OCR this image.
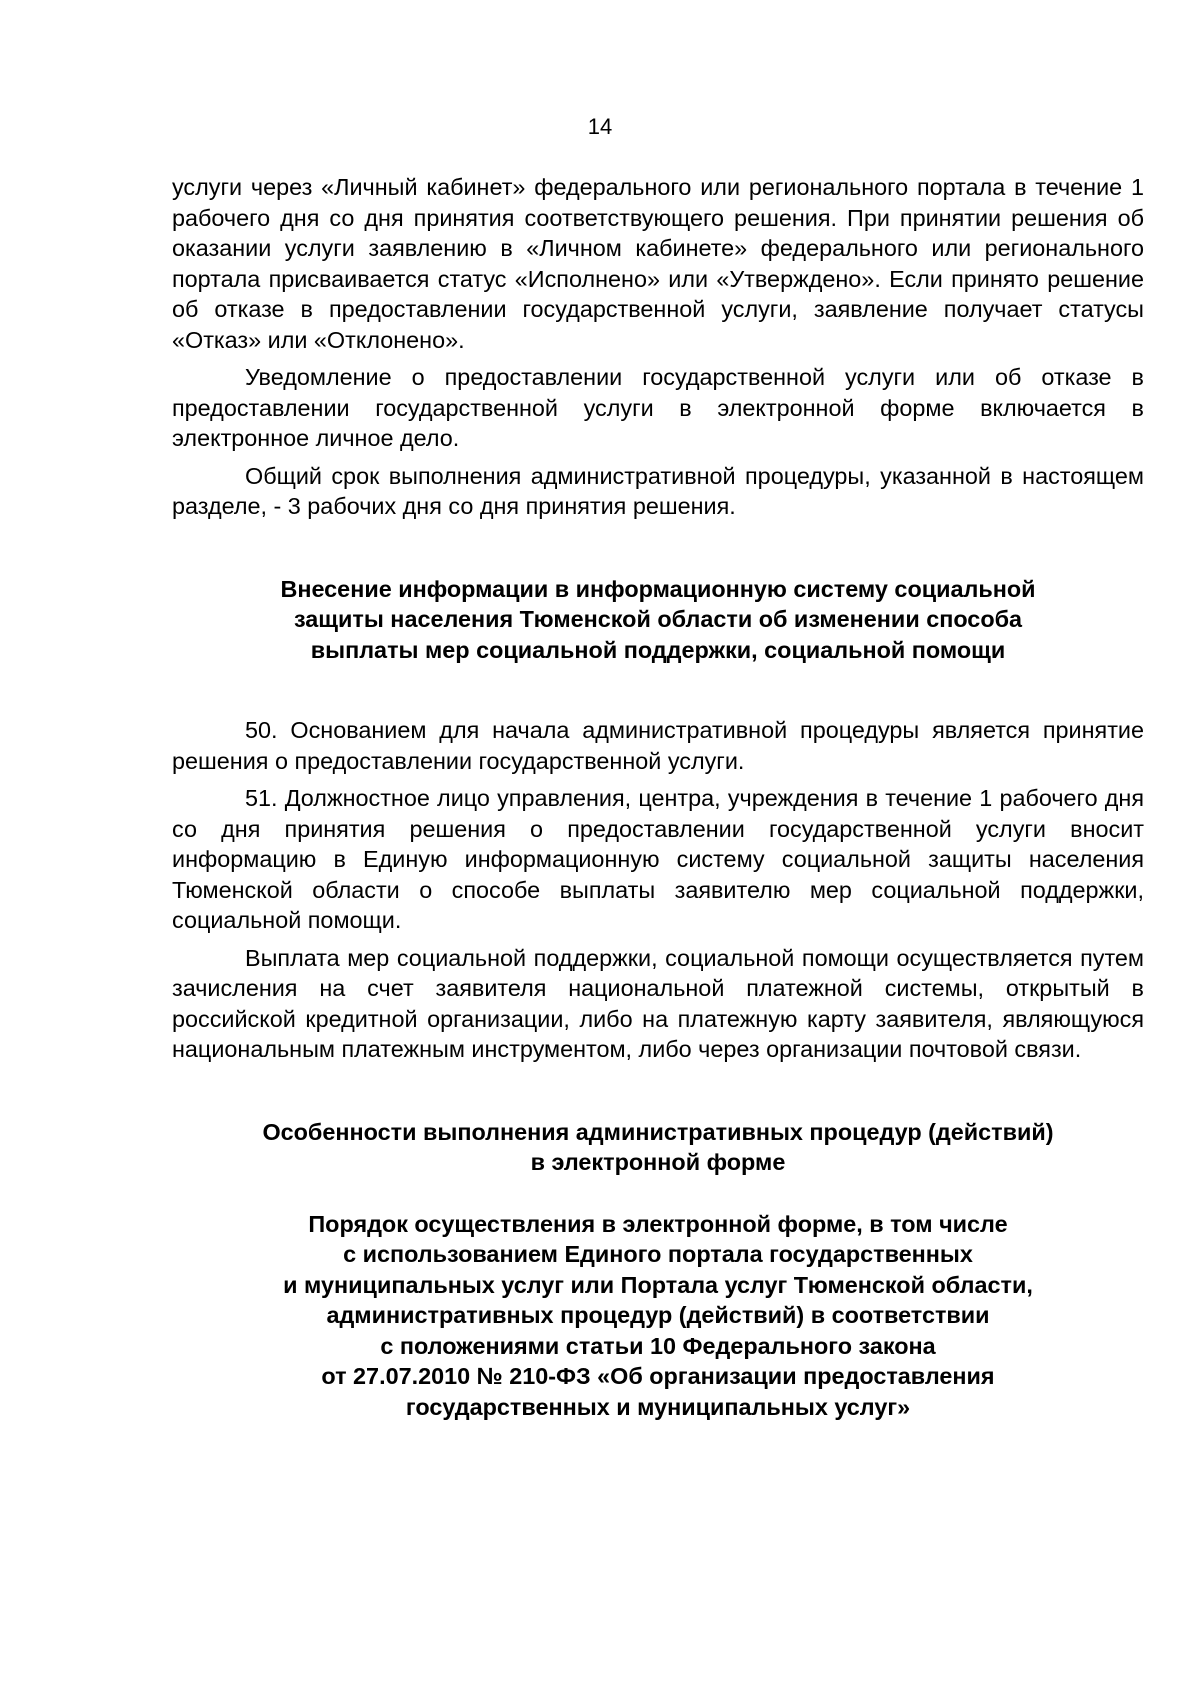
14

услуги через «Личный кабинет» федерального или регионального портала в течение 1 рабочего дня со дня принятия соответствующего решения. При принятии решения об оказании услуги заявлению в «Личном кабинете» федерального или регионального портала присваивается статус «Исполнено» или «Утверждено». Если принято решение об отказе в предоставлении государственной услуги, заявление получает статусы «Отказ» или «Отклонено».

Уведомление о предоставлении государственной услуги или об отказе в предоставлении государственной услуги в электронной форме включается в электронное личное дело.

Общий срок выполнения административной процедуры, указанной в настоящем разделе, - 3 рабочих дня со дня принятия решения.

Внесение информации в информационную систему социальной
защиты населения Тюменской области об изменении способа
выплаты мер социальной поддержки, социальной помощи

50. Основанием для начала административной процедуры является принятие решения о предоставлении государственной услуги.

51. Должностное лицо управления, центра, учреждения в течение 1 рабочего дня со дня принятия решения о предоставлении государственной услуги вносит информацию в Единую информационную систему социальной защиты населения Тюменской области о способе выплаты заявителю мер социальной поддержки, социальной помощи.

Выплата мер социальной поддержки, социальной помощи осуществляется путем зачисления на счет заявителя национальной платежной системы, открытый в российской кредитной организации, либо на платежную карту заявителя, являющуюся национальным платежным инструментом, либо через организации почтовой связи.

Особенности выполнения административных процедур (действий)
в электронной форме
Порядок осуществления в электронной форме, в том числе
с использованием Единого портала государственных
и муниципальных услуг или Портала услуг Тюменской области,
административных процедур (действий) в соответствии
с положениями статьи 10 Федерального закона
от 27.07.2010 № 210-ФЗ «Об организации предоставления
государственных и муниципальных услуг»
